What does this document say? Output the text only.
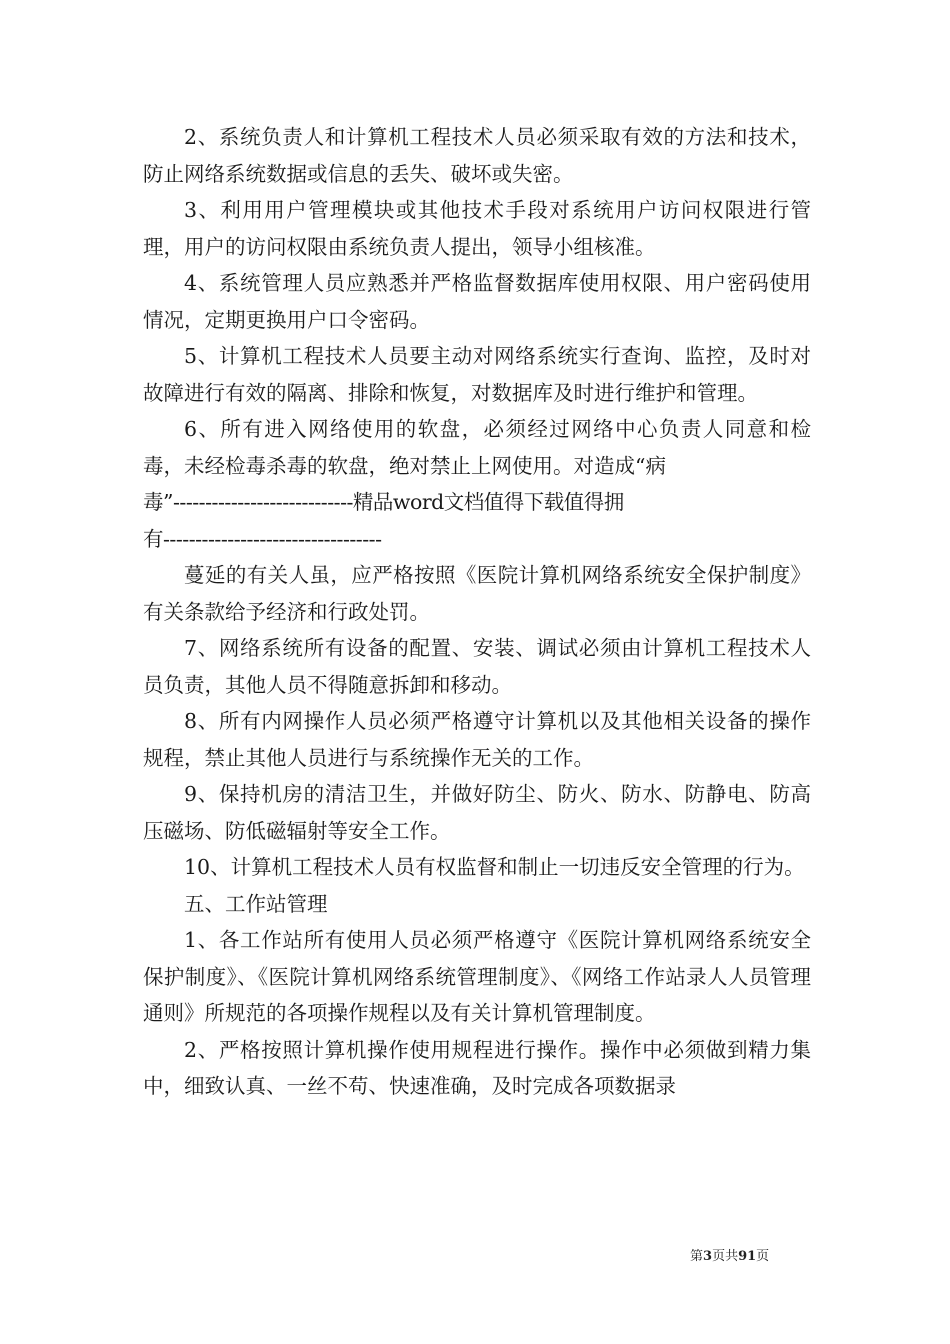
2、系统负责人和计算机工程技术人员必须采取有效的方法和技术，防止网络系统数据或信息的丢失、破坏或失密。

3、利用用户管理模块或其他技术手段对系统用户访问权限进行管理，用户的访问权限由系统负责人提出，领导小组核准。

4、系统管理人员应熟悉并严格监督数据库使用权限、用户密码使用情况，定期更换用户口令密码。

5、计算机工程技术人员要主动对网络系统实行查询、监控，及时对故障进行有效的隔离、排除和恢复，对数据库及时进行维护和管理。

6、所有进入网络使用的软盘，必须经过网络中心负责人同意和检毒，未经检毒杀毒的软盘，绝对禁止上网使用。对造成“病

毒”----------------------------精品word文档值得下载值得拥

有----------------------------------

蔓延的有关人虽，应严格按照《医院计算机网络系统安全保护制度》有关条款给予经济和行政处罚。

7、网络系统所有设备的配置、安装、调试必须由计算机工程技术人员负责，其他人员不得随意拆卸和移动。

8、所有内网操作人员必须严格遵守计算机以及其他相关设备的操作规程，禁止其他人员进行与系统操作无关的工作。

9、保持机房的清洁卫生，并做好防尘、防火、防水、防静电、防高压磁场、防低磁辐射等安全工作。

10、计算机工程技术人员有权监督和制止一切违反安全管理的行为。

五、工作站管理

1、各工作站所有使用人员必须严格遵守《医院计算机网络系统安全保护制度》、《医院计算机网络系统管理制度》、《网络工作站录人人员管理通则》所规范的各项操作规程以及有关计算机管理制度。

2、严格按照计算机操作使用规程进行操作。操作中必须做到精力集中，细致认真、一丝不苟、快速准确，及时完成各项数据录

第3页共91页
